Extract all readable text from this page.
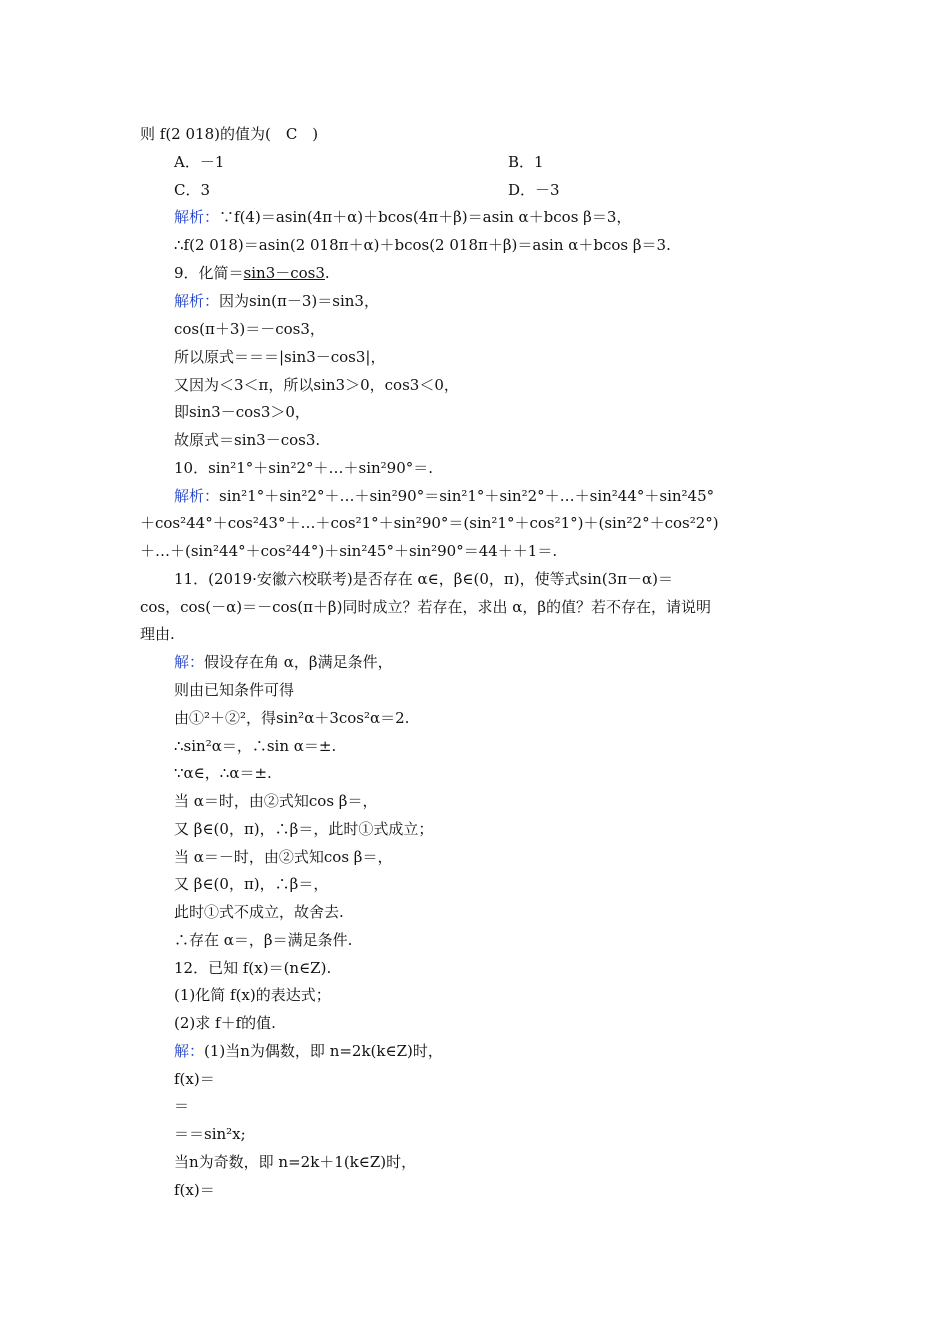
则 f(2 018)的值为(　C　)
A．－1	B．1
C．3	D．－3
解析：∵f(4)＝asin(4π＋α)＋bcos(4π＋β)＝asin α＋bcos β＝3，
∴f(2 018)＝asin(2 018π＋α)＋bcos(2 018π＋β)＝asin α＋bcos β＝3.
9．化简＝sin3－cos3.
解析：因为sin(π－3)＝sin3，
cos(π＋3)＝－cos3，
所以原式＝＝＝|sin3－cos3|，
又因为＜3＜π，所以sin3＞0，cos3＜0，
即sin3－cos3＞0，
故原式＝sin3－cos3.
10．sin²1°＋sin²2°＋…＋sin²90°＝.
解析：sin²1°＋sin²2°＋…＋sin²90°＝sin²1°＋sin²2°＋…＋sin²44°＋sin²45°
＋cos²44°＋cos²43°＋…＋cos²1°＋sin²90°＝(sin²1°＋cos²1°)＋(sin²2°＋cos²2°)
＋…＋(sin²44°＋cos²44°)＋sin²45°＋sin²90°＝44＋＋1＝.
11．(2019·安徽六校联考)是否存在 α∈，β∈(0，π)，使等式sin(3π－α)＝
cos，cos(－α)＝－cos(π＋β)同时成立？若存在，求出 α，β的值？若不存在，请说明
理由.
解：假设存在角 α，β满足条件，
则由已知条件可得
由①²＋②²，得sin²α＋3cos²α＝2.
∴sin²α＝，∴sin α＝±.
∵α∈，∴α＝±.
当 α＝时，由②式知cos β＝，
又 β∈(0，π)，∴β＝，此时①式成立；
当 α＝－时，由②式知cos β＝，
又 β∈(0，π)，∴β＝，
此时①式不成立，故舍去.
∴存在 α＝，β＝满足条件.
12．已知 f(x)＝(n∈Z).
(1)化简 f(x)的表达式；
(2)求 f＋f的值.
解：(1)当n为偶数，即 n=2k(k∈Z)时，
f(x)＝
＝
＝＝sin²x;
当n为奇数，即 n=2k＋1(k∈Z)时，
f(x)＝
